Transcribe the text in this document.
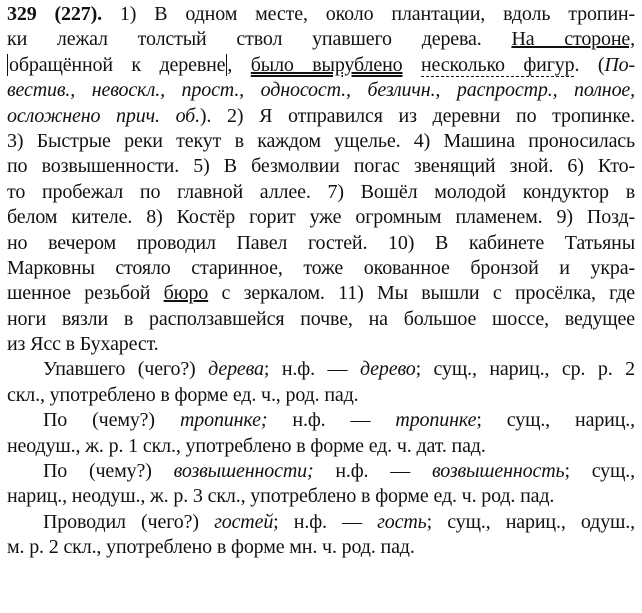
329 (227). 1) В одном месте, около плантации, вдоль тропин-
ки лежал толстый ствол упавшего дерева. На стороне,
обращённой к деревне , было вырублено несколько фигур. (По-
вестив., невоскл., прост., односост., безличн., распростр., полное,
осложнено прич. об.). 2) Я отправился из деревни по тропинке.
3) Быстрые реки текут в каждом ущелье. 4) Машина проносилась
по возвышенности. 5) В безмолвии погас звенящий зной. 6) Кто-
то пробежал по главной аллее. 7) Вошёл молодой кондуктор в
белом кителе. 8) Костёр горит уже огромным пламенем. 9) Позд-
но вечером проводил Павел гостей. 10) В кабинете Татьяны
Марковны стояло старинное, тоже окованное бронзой и укра-
шенное резьбой бюро с зеркалом. 11) Мы вышли с просёлка, где
ноги вязли в расползавшейся почве, на большое шоссе, ведущее
из Ясс в Бухарест.
Упавшего (чего?) дерева; н.ф. — дерево; сущ., нариц., ср. р. 2
скл., употреблено в форме ед. ч., род. пад.
По (чему?) тропинке; н.ф. — тропинке; сущ., нариц.,
неодуш., ж. р. 1 скл., употреблено в форме ед. ч. дат. пад.
По (чему?) возвышенности; н.ф. — возвышенность; сущ.,
нариц., неодуш., ж. р. 3 скл., употреблено в форме ед. ч. род. пад.
Проводил (чего?) гостей; н.ф. — гость; сущ., нариц., одуш.,
м. р. 2 скл., употреблено в форме мн. ч. род. пад.
